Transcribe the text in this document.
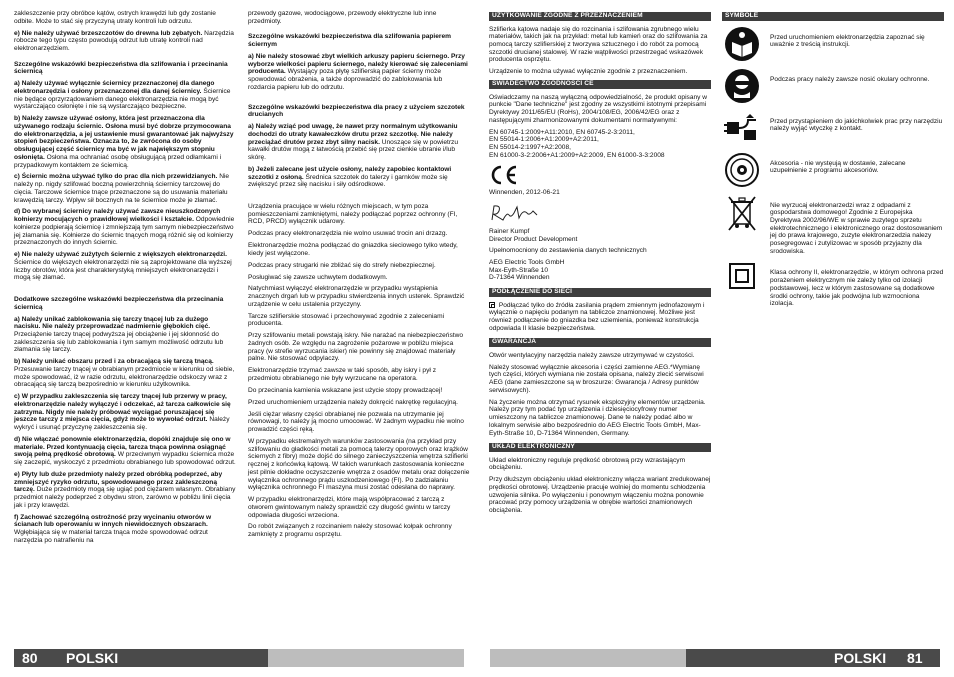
zakleszczenie przy obróbce kątów, ostrych krawędzi lub gdy zostanie odbite. Może to stać się przyczyną utraty kontroli lub odrzutu.

e) Nie należy używać brzeszczotów do drewna lub zębatych. Narzędzia robocze tego typu często powodują odrzut lub utratę kontroli nad elektronarzędziem.

Szczególne wskazówki bezpieczeństwa dla szlifowania i przecinania ściernicą

a) Należy używać wyłącznie ściernicy przeznaczonej dla danego elektronarzędzia i osłony przeznaczonej dla danej ściernicy. Ściernice nie będące oprzyrządowaniem danego elektronarzędzia nie mogą być wystarczająco osłonięte i nie są wystarczająco bezpieczne.

b) Należy zawsze używać osłony, która jest przeznaczona dla używanego rodzaju ściernic. Osłona musi być dobrze przymocowana do elektronarzędzia, a jej ustawienie musi gwarantować jak najwyższy stopień bezpieczeństwa. Oznacza to, że zwrócona do osoby obsługującej część ściernicy ma być w jak największym stopniu osłonięta. Osłona ma ochraniać osobę obsługującą przed odłamkami i przypadkowym kontaktem ze ściernicą.

c) Ściernic można używać tylko do prac dla nich przewidzianych. Nie należy np. nigdy szlifować boczną powierzchnią ściernicy tarczowej do cięcia. Tarczowe ściernice tnące przeznaczone są do usuwania materiału krawędzią tarczy. Wpływ sił bocznych na te ściernice może je złamać.

d) Do wybranej ściernicy należy używać zawsze nieuszkodzonych kołnierzy mocujących o prawidłowej wielkości i kształcie. Odpowiednie kołnierze podpierają ściernicę i zmniejszają tym samym niebezpieczeństwo jej złamania się. Kołnierze do ściernic tnących mogą różnić się od kołnierzy przeznaczonych do innych ściernic.

e) Nie należy używać zużytych ściernic z większych elektronarzędzi. Ściernice do większych elektronarzędzi nie są zaprojektowane dla wyższej liczby obrotów, która jest charakterystyką mniejszych elektronarzędzi i mogą się złamać.

Dodatkowe szczególne wskazówki bezpieczeństwa dla przecinania ściernicą

a) Należy unikać zablokowania się tarczy tnącej lub za dużego nacisku. Nie należy przeprowadzać nadmiernie głębokich cięć. Przeciążenie tarczy tnącej podwyższa jej obciążenie i jej skłonność do zakleszczenia się lub zablokowania i tym samym możliwość odrzutu lub złamania się tarczy.

b) Należy unikać obszaru przed i za obracającą się tarczą tnącą. Przesuwanie tarczy tnącej w obrabianym przedmiocie w kierunku od siebie, może spowodować, iż w razie odrzutu, elektronarzędzie odskoczy wraz z obracającą się tarczą bezpośrednio w kierunku użytkownika.

c) W przypadku zakleszczenia się tarczy tnącej lub przerwy w pracy, elektronarzędzie należy wyłączyć i odczekać, aż tarcza całkowicie się zatrzyma. Nigdy nie należy próbować wyciągać poruszającej się jeszcze tarczy z miejsca cięcia, gdyż może to wywołać odrzut. Należy wykryć i usunąć przyczynę zakleszczenia się.

d) Nie włączać ponownie elektronarzędzia, dopóki znajduje się ono w materiale. Przed kontynuacją cięcia, tarcza tnąca powinna osiągnąć swoją pełną prędkość obrotową. W przeciwnym wypadku ściernica może się zaczepić, wyskoczyć z przedmiotu obrabianego lub spowodować odrzut.

e) Płyty lub duże przedmioty należy przed obróbką podeprzeć, aby zmniejszyć ryzyko odrzutu, spowodowanego przez zakleszczoną tarczę. Duże przedmioty mogą się ugiąć pod ciężarem własnym. Obrabiany przedmiot należy podeprzeć z obydwu stron, zarówno w pobliżu linii cięcia jak i przy krawędzi.

f) Zachować szczególną ostrożność przy wycinaniu otworów w ścianach lub operowaniu w innych niewidocznych obszarach. Wgłębiająca się w materiał tarcza tnąca może spowodować odrzut narzędzia po natrafieniu na

przewody gazowe, wodociągowe, przewody elektryczne lub inne przedmioty.

Szczególne wskazówki bezpieczeństwa dla szlifowania papierem ściernym

a) Nie należy stosować zbyt wielkich arkuszy papieru ściernego. Przy wyborze wielkości papieru ściernego, należy kierować się zaleceniami producenta. Wystający poza płytę szlifierską papier ścierny może spowodować obrażenia, a także doprowadzić do zablokowania lub rozdarcia papieru lub do odrzutu.

Szczególne wskazówki bezpieczeństwa dla pracy z użyciem szczotek drucianych

a) Należy wziąć pod uwagę, że nawet przy normalnym użytkowaniu dochodzi do utraty kawałeczków drutu przez szczotkę. Nie należy przeciążać drutów przez zbyt silny nacisk. Unoszące się w powietrzu kawałki drutów mogą z łatwością przebić się przez cienkie ubranie i/lub skórę.

b) Jeżeli zalecane jest użycie osłony, należy zapobiec kontaktowi szczotki z osłoną. Średnica szczotek do talerzy i garnków może się zwiększyć przez siłę nacisku i siły odśrodkowe.

Urządzenia pracujące w wielu różnych miejscach, w tym poza pomieszczeniami zamkniętymi, należy podłączać poprzez ochronny (FI, RCD, PRCD) wyłącznik udarowy.

Podczas pracy elektronarzędzia nie wolno usuwać trocin ani drzazg.

Elektronarzędzie można podłączać do gniazdka sieciowego tylko wtedy, kiedy jest wyłączone.

Podczas pracy strugarki nie zbliżać się do strefy niebezpiecznej.

Posługiwać się zawsze uchwytem dodatkowym.

Natychmiast wyłączyć elektronarzędzie w przypadku wystąpienia znacznych drgań lub w przypadku stwierdzenia innych usterek. Sprawdzić urządzenie w celu ustalenia przyczyny.

Tarcze szlifierskie stosować i przechowywać zgodnie z zaleceniami producenta.

Przy szlifowaniu metali powstają iskry. Nie narażać na niebezpieczeństwo żadnych osób. Ze względu na zagrożenie pożarowe w pobliżu miejsca pracy (w strefie wyrzucania iskier) nie powinny się znajdować materiały palne. Nie stosować odpylaczy.

Elektronarzędzie trzymać zawsze w taki sposób, aby iskry i pył z przedmiotu obrabianego nie były wyrzucane na operatora.

Do przecinania kamienia wskazane jest użycie stopy prowadzącej!

Przed uruchomieniem urządzenia należy dokręcić nakrętkę regulacyjną.

Jeśli ciężar własny części obrabianej nie pozwala na utrzymanie jej równowagi, to należy ją mocno umocować. W żadnym wypadku nie wolno prowadzić części ręką.

W przypadku ekstremalnych warunków zastosowania (na przykład przy szlifowaniu do gładkości metali za pomocą talerzy oporowych oraz krążków ściernych z fibry) może dojść do silnego zanieczyszczenia wnętrza szlifierki ręcznej z końcówką kątową. W takich warunkach zastosowania konieczne jest pilnie dokładne oczyszczenie wnętrza z osadów metalu oraz dołączenie wyłącznika ochronnego prądu uszkodzeniowego (FI). Po zadziałaniu wyłącznika ochronnego FI maszyna musi zostać odesłana do naprawy.

W przypadku elektronarzędzi, które mają współpracować z tarczą z otworem gwintowanym należy sprawdzić czy długość gwintu w tarczy odpowiada długości wrzeciona.

Do robót związanych z rozcinaniem należy stosować kołpak ochronny zamknięty z programu osprzętu.

UŻYTKOWANIE ZGODNE Z PRZEZNACZENIEM

Szlifierka kątowa nadaje się do rozcinania i szlifowania zgrubnego wielu materiałów, takich jak na przykład: metal lub kamień oraz do szlifowania za pomocą tarczy szlifierskiej z tworzywa sztucznego i do robót za pomocą szczotki drucianej stalowej. W razie wątpliwości przestrzegać wskazówek producenta osprzętu.

Urządzenie to można używać wyłącznie zgodnie z przeznaczeniem.

ŚWIADECTWO ZGODNOŚCI CE

Oświadczamy na naszą wyłączną odpowiedzialność, że produkt opisany w punkcie "Dane techniczne" jest zgodny ze wszystkimi istotnymi przepisami Dyrektywy 2011/65/EU (RoHs), 2004/108/EG, 2006/42/EG oraz z następującymi zharmonizowanymi dokumentami normatywnymi:

EN 60745-1:2009+A11:2010, EN 60745-2-3:2011,
EN 55014-1:2006+A1:2009+A2:2011,
EN 55014-2:1997+A2:2008,
EN 61000-3-2:2006+A1:2009+A2:2009, EN 61000-3-3:2008

Winnenden, 2012-06-21

Rainer Kumpf
Director Product Development
Upełnomocniony do zestawienia danych technicznych
AEG Electric Tools GmbH
Max-Eyth-Straße 10
D-71364 Winnenden
PODŁĄCZENIE DO SIECI

Podłączać tylko do źródła zasilania prądem zmiennym jednofazowym i wyłącznie o napięciu podanym na tabliczce znamionowej. Możliwe jest również podłączenie do gniazdka bez uziemienia, ponieważ konstrukcja odpowiada II klasie bezpieczeństwa.

GWARANCJA

Otwór wentylacyjny narzędzia należy zawsze utrzymywać w czystości.

Należy stosować wyłącznie akcesoria i części zamienne AEG.*Wymianę tych części, których wymiana nie została opisana, należy zlecić serwisowi AEG (dane zamieszczone są w broszurze: Gwarancja / Adresy punktów serwisowych).

Na życzenie można otrzymać rysunek eksplozyjny elementów urządzenia. Należy przy tym podać typ urządzenia i dziesięciocyfrowy numer umieszczony na tabliczce znamionowej. Dane te należy podać albo w lokalnym serwisie albo bezpośrednio do AEG Electric Tools GmbH, Max-Eyth-Straße 10, D-71364 Winnenden, Germany.

UKŁAD ELEKTRONICZNY

Układ elektroniczny reguluje prędkość obrotową przy wzrastającym obciążeniu.

Przy dłuższym obciążeniu układ elektroniczny włącza wariant zredukowanej prędkości obrotowej. Urządzenie pracuje wolniej do momentu schłodzenia uzwojenia silnika. Po wyłączeniu i ponownym włączeniu można ponownie pracować przy pomocy urządzenia w obrębie wartości znamionowych obciążenia.

SYMBOLE
Przed uruchomieniem elektronarzędzia zapoznać się uważnie z treścią instrukcji.
Podczas pracy należy zawsze nosić okulary ochronne.
Przed przystąpieniem do jakichkolwiek prac przy narzędziu należy wyjąć wtyczkę z kontakt.
Akcesoria - nie wystęują w dostawie, zalecane uzupełnienie z programu akcesoriów.
Nie wyrzucaj elektronarzedzi wraz z odpadami z gospodarstwa domowego! Zgodnie z Europejska Dyrektywa 2002/96/WE w sprawie zuzytego sprzetu elektrotechnicznego i elektronicznego oraz dostosowaniem jej do prawa krajowego, zuzyte elektronarzedzia nalezy posegregowac i zutylizowac w sposób przyjazny dla srodowiska.
Klasa ochrony II, elektronarzędzie, w którym ochrona przed porażeniem elektrycznym nie zależy tylko od izolacji podstawowej, lecz w którym zastosowane są dodatkowe środki ochrony, takie jak podwójna lub wzmocniona izolacja.
80 POLSKI	POLSKI 81
